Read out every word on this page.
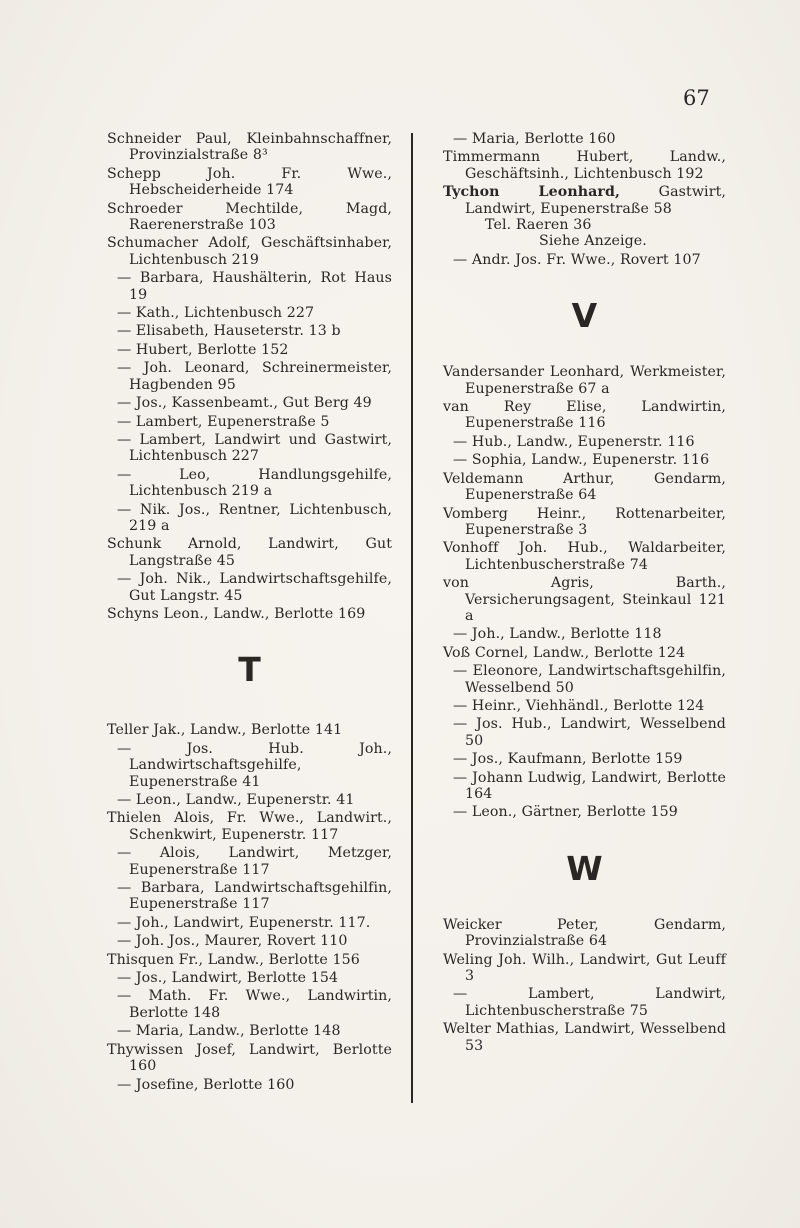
67
Schneider Paul, Kleinbahnschaffner, Provinzialstraße 8³
Schepp Joh. Fr. Wwe., Hebscheiderheide 174
Schroeder Mechtilde,	Magd, Raerenerstraße 103
Schumacher Adolf, Geschäftsinhaber, Lichtenbusch 219
— Barbara, Haushälterin, Rot Haus 19
— Kath., Lichtenbusch 227
— Elisabeth, Hauseterstr. 13 b
— Hubert, Berlotte 152
— Joh. Leonard, Schreinermeister, Hagbenden 95
— Jos., Kassenbeamt., Gut Berg 49
— Lambert, Eupenerstraße 5
— Lambert, Landwirt und Gastwirt, Lichtenbusch 227
— Leo,	Handlungsgehilfe, Lichtenbusch 219 a
— Nik. Jos., Rentner, Lichtenbusch, 219 a
Schunk Arnold, Landwirt, Gut Langstraße 45
— Joh. Nik., Landwirtschaftsgehilfe, Gut Langstr. 45
Schyns Leon., Landw., Berlotte 169
T
Teller Jak., Landw., Berlotte 141
— Jos. Hub. Joh., Landwirtschaftsgehilfe, Eupenerstraße 41
— Leon., Landw., Eupenerstr. 41
Thielen Alois, Fr. Wwe., Landwirt., Schenkwirt, Eupenerstr. 117
— Alois, Landwirt, Metzger, Eupenerstraße 117
— Barbara, Landwirtschaftsgehilfin, Eupenerstraße 117
— Joh., Landwirt, Eupenerstr. 117.
— Joh. Jos., Maurer, Rovert 110
Thisquen Fr., Landw., Berlotte 156
— Jos., Landwirt, Berlotte 154
— Math. Fr. Wwe., Landwirtin, Berlotte 148
— Maria, Landw., Berlotte 148
Thywissen Josef, Landwirt, Berlotte 160
— Josefine, Berlotte 160
— Maria, Berlotte 160
Timmermann Hubert,	Landw., Geschäftsinh., Lichtenbusch 192
Tychon Leonhard,	Gastwirt, Landwirt, Eupenerstraße 58
Tel. Raeren 36
Siehe Anzeige.
— Andr. Jos. Fr. Wwe., Rovert 107
V
Vandersander Leonhard, Werkmeister, Eupenerstraße 67 a
van Rey Elise, Landwirtin, Eupenerstraße 116
— Hub., Landw., Eupenerstr. 116
— Sophia, Landw., Eupenerstr. 116
Veldemann Arthur,	Gendarm, Eupenerstraße 64
Vomberg Heinr., Rottenarbeiter, Eupenerstraße 3
Vonhoff Joh. Hub., Waldarbeiter, Lichtenbuscherstraße 74
von Agris, Barth., Versicherungsagent, Steinkaul 121 a
— Joh., Landw., Berlotte 118
Voß Cornel, Landw., Berlotte 124
— Eleonore, Landwirtschaftsgehilfin, Wesselbend 50
— Heinr., Viehhändl., Berlotte 124
— Jos. Hub., Landwirt, Wesselbend 50
— Jos., Kaufmann, Berlotte 159
— Johann Ludwig, Landwirt, Berlotte 164
— Leon., Gärtner, Berlotte 159
W
Weicker Peter,	Gendarm, Provinzialstraße 64
Weling Joh. Wilh., Landwirt, Gut Leuff 3
— Lambert,	Landwirt, Lichtenbuscherstraße 75
Welter Mathias, Landwirt, Wesselbend 53
